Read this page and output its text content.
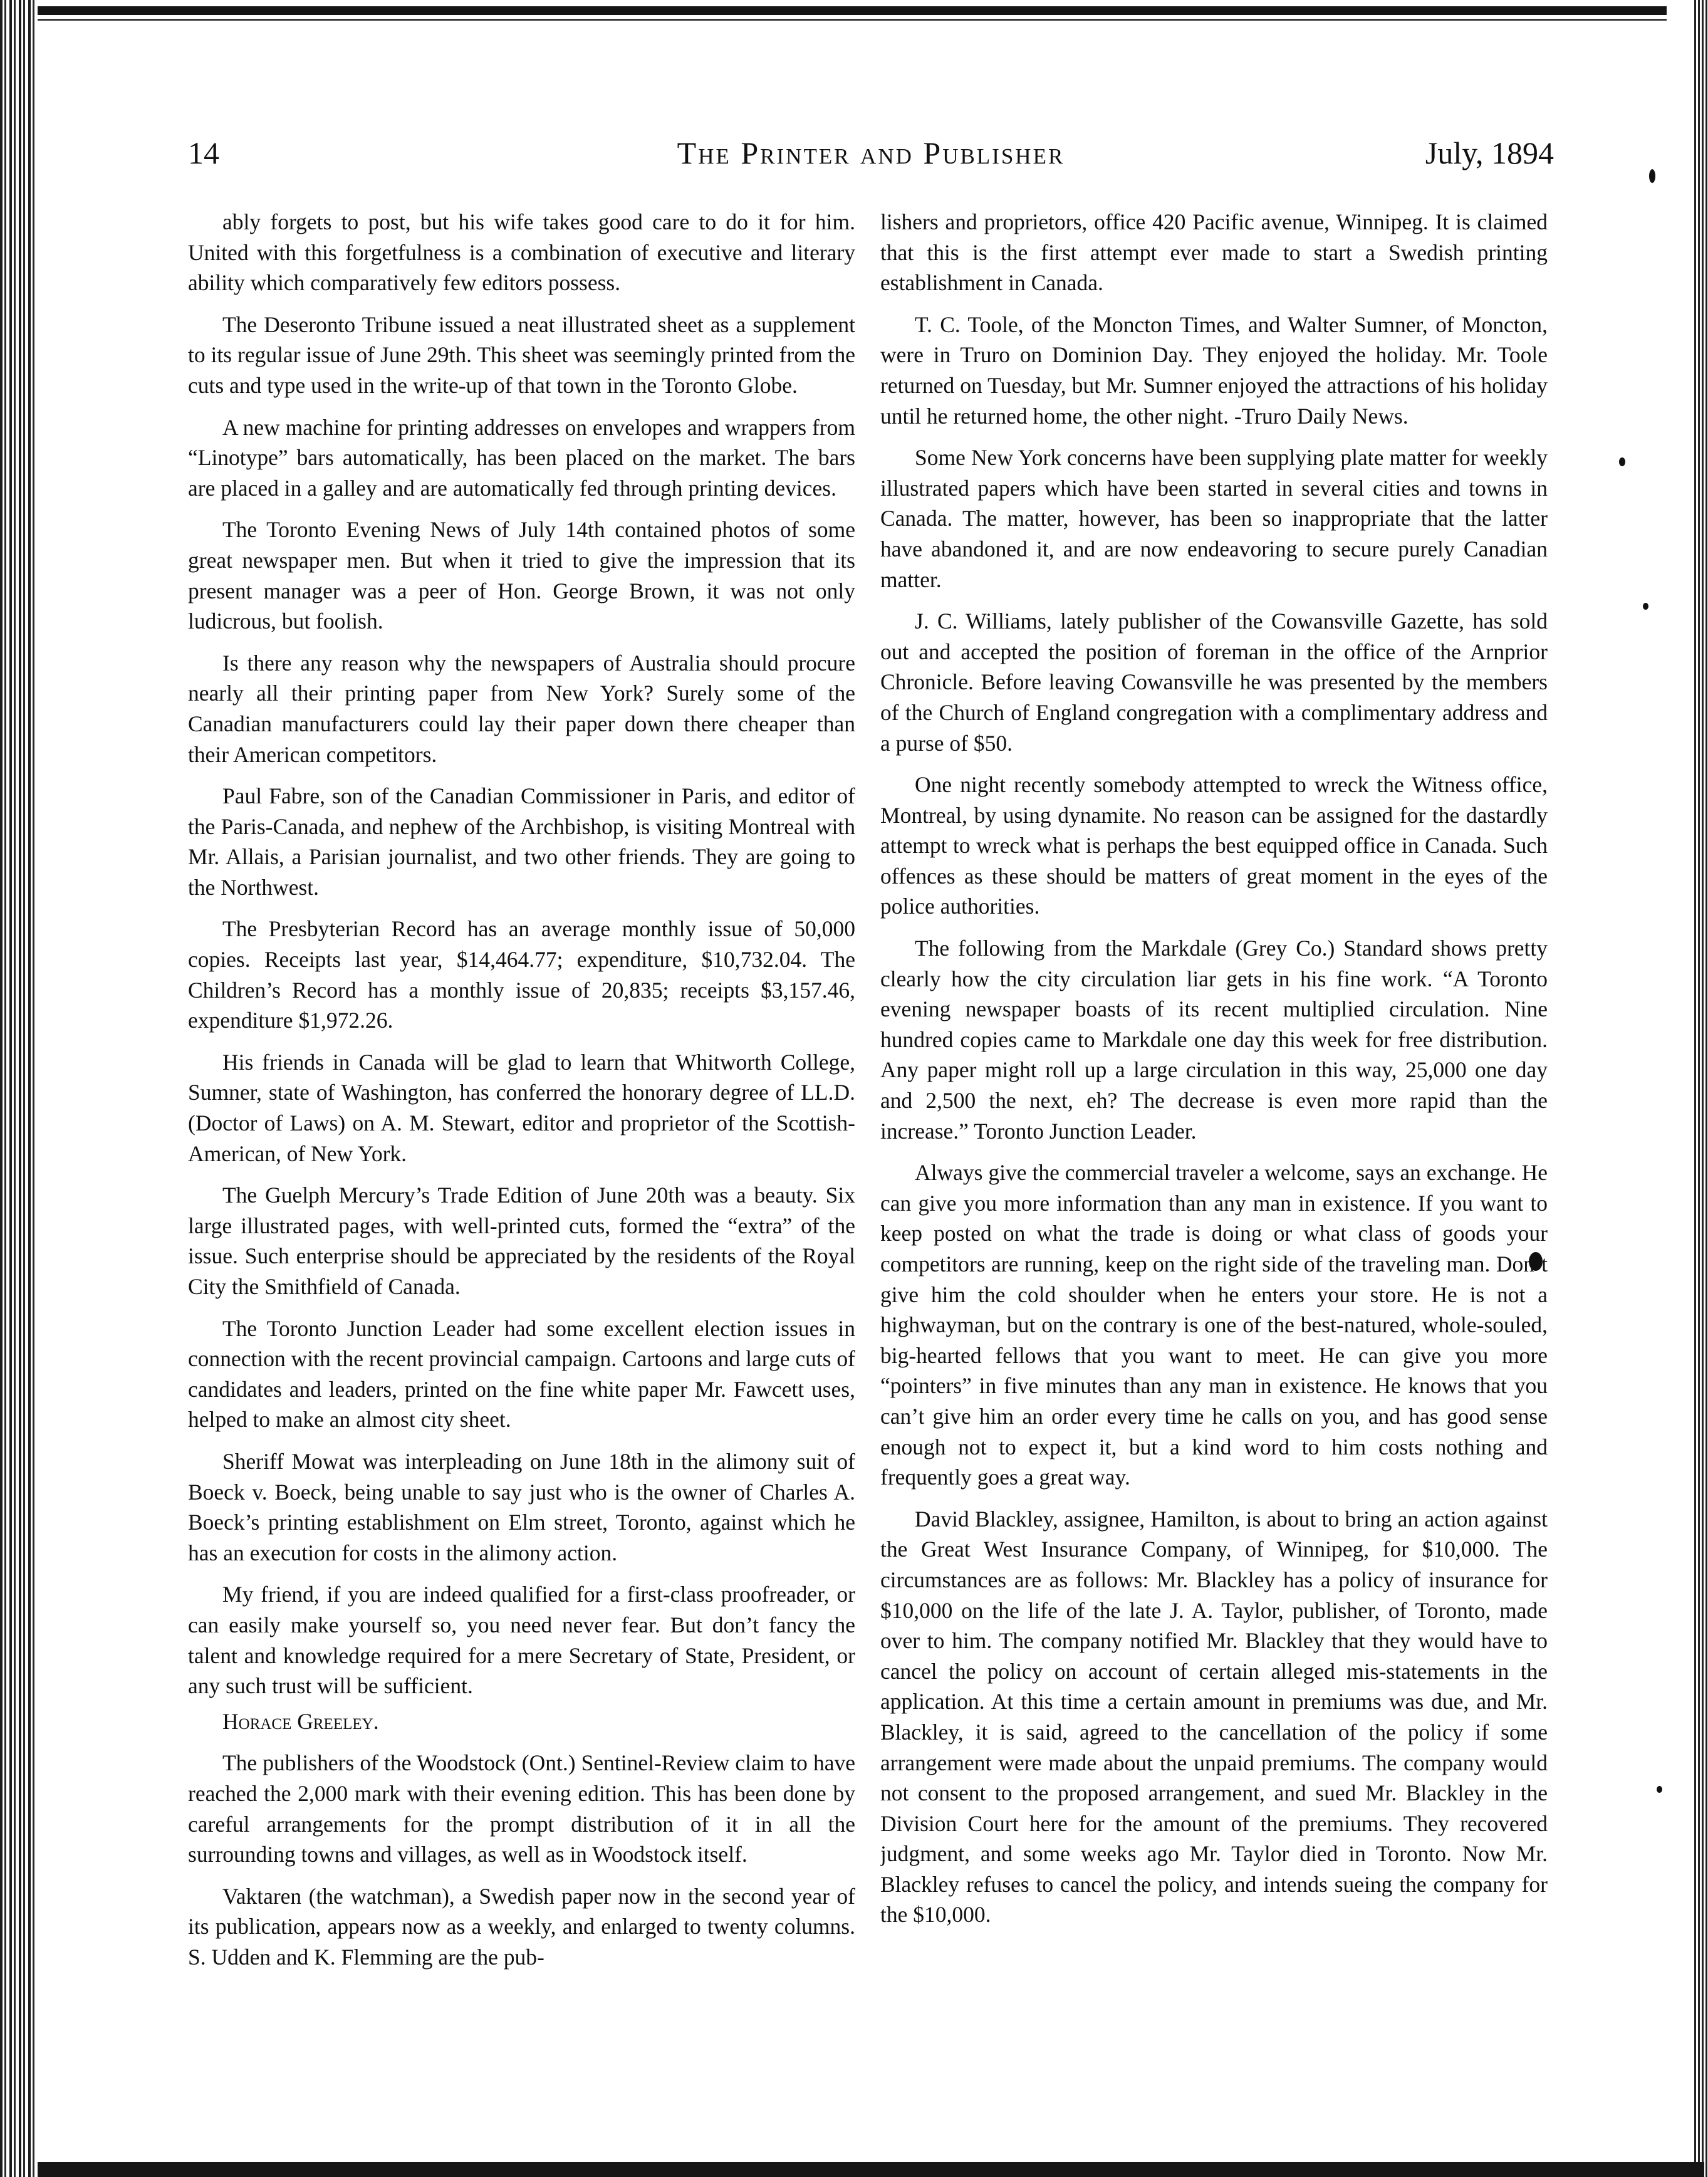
14	The Printer and Publisher	July, 1894

ably forgets to post, but his wife takes good care to do it for him. United with this forgetfulness is a combination of executive and literary ability which comparatively few editors possess.

The Deseronto Tribune issued a neat illustrated sheet as a supplement to its regular issue of June 29th. This sheet was seemingly printed from the cuts and type used in the write-up of that town in the Toronto Globe.

A new machine for printing addresses on envelopes and wrappers from “Linotype” bars automatically, has been placed on the market. The bars are placed in a galley and are automatically fed through printing devices.

The Toronto Evening News of July 14th contained photos of some great newspaper men. But when it tried to give the impression that its present manager was a peer of Hon. George Brown, it was not only ludicrous, but foolish.

Is there any reason why the newspapers of Australia should procure nearly all their printing paper from New York? Surely some of the Canadian manufacturers could lay their paper down there cheaper than their American competitors.

Paul Fabre, son of the Canadian Commissioner in Paris, and editor of the Paris-Canada, and nephew of the Archbishop, is visiting Montreal with Mr. Allais, a Parisian journalist, and two other friends. They are going to the Northwest.

The Presbyterian Record has an average monthly issue of 50,000 copies. Receipts last year, $14,464.77; expenditure, $10,732.04. The Children’s Record has a monthly issue of 20,835; receipts $3,157.46, expenditure $1,972.26.

His friends in Canada will be glad to learn that Whitworth College, Sumner, state of Washington, has conferred the honorary degree of LL.D. (Doctor of Laws) on A. M. Stewart, editor and proprietor of the Scottish-American, of New York.

The Guelph Mercury’s Trade Edition of June 20th was a beauty. Six large illustrated pages, with well-printed cuts, formed the “extra” of the issue. Such enterprise should be appreciated by the residents of the Royal City the Smithfield of Canada.

The Toronto Junction Leader had some excellent election issues in connection with the recent provincial campaign. Cartoons and large cuts of candidates and leaders, printed on the fine white paper Mr. Fawcett uses, helped to make an almost city sheet.

Sheriff Mowat was interpleading on June 18th in the alimony suit of Boeck v. Boeck, being unable to say just who is the owner of Charles A. Boeck’s printing establishment on Elm street, Toronto, against which he has an execution for costs in the alimony action.

My friend, if you are indeed qualified for a first-class proofreader, or can easily make yourself so, you need never fear. But don’t fancy the talent and knowledge required for a mere Secretary of State, President, or any such trust will be sufficient.

Horace Greeley.

The publishers of the Woodstock (Ont.) Sentinel-Review claim to have reached the 2,000 mark with their evening edition. This has been done by careful arrangements for the prompt distribution of it in all the surrounding towns and villages, as well as in Woodstock itself.

Vaktaren (the watchman), a Swedish paper now in the second year of its publication, appears now as a weekly, and enlarged to twenty columns. S. Udden and K. Flemming are the pub-

lishers and proprietors, office 420 Pacific avenue, Winnipeg. It is claimed that this is the first attempt ever made to start a Swedish printing establishment in Canada.

T. C. Toole, of the Moncton Times, and Walter Sumner, of Moncton, were in Truro on Dominion Day. They enjoyed the holiday. Mr. Toole returned on Tuesday, but Mr. Sumner enjoyed the attractions of his holiday until he returned home, the other night. -Truro Daily News.

Some New York concerns have been supplying plate matter for weekly illustrated papers which have been started in several cities and towns in Canada. The matter, however, has been so inappropriate that the latter have abandoned it, and are now endeavoring to secure purely Canadian matter.

J. C. Williams, lately publisher of the Cowansville Gazette, has sold out and accepted the position of foreman in the office of the Arnprior Chronicle. Before leaving Cowansville he was presented by the members of the Church of England congregation with a complimentary address and a purse of $50.

One night recently somebody attempted to wreck the Witness office, Montreal, by using dynamite. No reason can be assigned for the dastardly attempt to wreck what is perhaps the best equipped office in Canada. Such offences as these should be matters of great moment in the eyes of the police authorities.

The following from the Markdale (Grey Co.) Standard shows pretty clearly how the city circulation liar gets in his fine work. “A Toronto evening newspaper boasts of its recent multiplied circulation. Nine hundred copies came to Markdale one day this week for free distribution. Any paper might roll up a large circulation in this way, 25,000 one day and 2,500 the next, eh? The decrease is even more rapid than the increase.” Toronto Junction Leader.

Always give the commercial traveler a welcome, says an exchange. He can give you more information than any man in existence. If you want to keep posted on what the trade is doing or what class of goods your competitors are running, keep on the right side of the traveling man. Don’t give him the cold shoulder when he enters your store. He is not a highwayman, but on the contrary is one of the best-natured, whole-souled, big-hearted fellows that you want to meet. He can give you more “pointers” in five minutes than any man in existence. He knows that you can’t give him an order every time he calls on you, and has good sense enough not to expect it, but a kind word to him costs nothing and frequently goes a great way.

David Blackley, assignee, Hamilton, is about to bring an action against the Great West Insurance Company, of Winnipeg, for $10,000. The circumstances are as follows: Mr. Blackley has a policy of insurance for $10,000 on the life of the late J. A. Taylor, publisher, of Toronto, made over to him. The company notified Mr. Blackley that they would have to cancel the policy on account of certain alleged mis-statements in the application. At this time a certain amount in premiums was due, and Mr. Blackley, it is said, agreed to the cancellation of the policy if some arrangement were made about the unpaid premiums. The company would not consent to the proposed arrangement, and sued Mr. Blackley in the Division Court here for the amount of the premiums. They recovered judgment, and some weeks ago Mr. Taylor died in Toronto. Now Mr. Blackley refuses to cancel the policy, and intends sueing the company for the $10,000.
